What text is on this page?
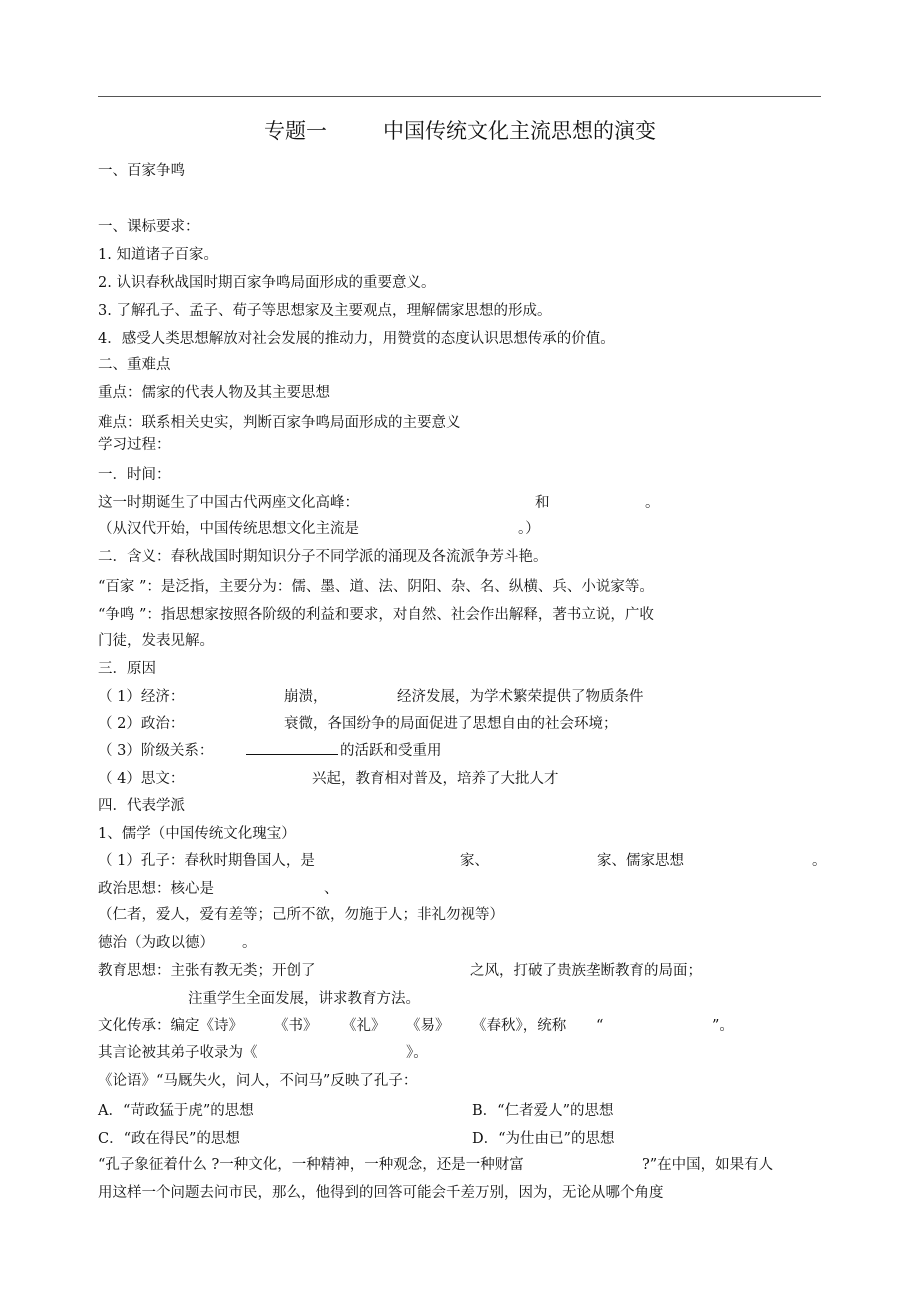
专题一	中国传统文化主流思想的演变
一、百家争鸣
一、课标要求：
1. 知道诸子百家。
2. 认识春秋战国时期百家争鸣局面形成的重要意义。
3. 了解孔子、孟子、荀子等思想家及主要观点，理解儒家思想的形成。
4．感受人类思想解放对社会发展的推动力，用赞赏的态度认识思想传承的价值。
二、重难点
重点：儒家的代表人物及其主要思想
难点：联系相关史实，判断百家争鸣局面形成的主要意义
学习过程：
一．时间：
这一时期诞生了中国古代两座文化高峰：	和	。
（从汉代开始，中国传统思想文化主流是	。）
二．含义：春秋战国时期知识分子不同学派的涌现及各流派争芳斗艳。
“百家 ”：是泛指，主要分为：儒、墨、道、法、阴阳、杂、名、纵横、兵、小说家等。
“争鸣 ”：指思想家按照各阶级的利益和要求，对自然、社会作出解释，著书立说，广收
门徒，发表见解。
三．原因
（ 1）经济：	崩溃，	经济发展，为学术繁荣提供了物质条件
（ 2）政治：	衰微，各国纷争的局面促进了思想自由的社会环境；
（ 3）阶级关系：	的活跃和受重用
（ 4）思文：	兴起，教育相对普及，培养了大批人才
四．代表学派
1、儒学（中国传统文化瑰宝）
（ 1）孔子：春秋时期鲁国人，是	家、	家、儒家思想	。
政治思想：核心是	、
（仁者，爱人，爱有差等；己所不欲，勿施于人；非礼勿视等）
德治（为政以德） 。
教育思想：主张有教无类；开创了	之风，打破了贵族垄断教育的局面；
注重学生全面发展，讲求教育方法。
文化传承：编定《诗》 《书》 《礼》 《易》 《春秋》，统称 “	”。
其言论被其弟子收录为《	》。
《论语》“马厩失火，问人，不问马”反映了孔子：
A．“苛政猛于虎”的思想	B．“仁者爱人”的思想
C．“政在得民”的思想	D．“为仕由已”的思想
“孔子象征着什么 ?一种文化，一种精神，一种观念，还是一种财富	?”在中国，如果有人
用这样一个问题去问市民，那么，他得到的回答可能会千差万别，因为，无论从哪个角度
